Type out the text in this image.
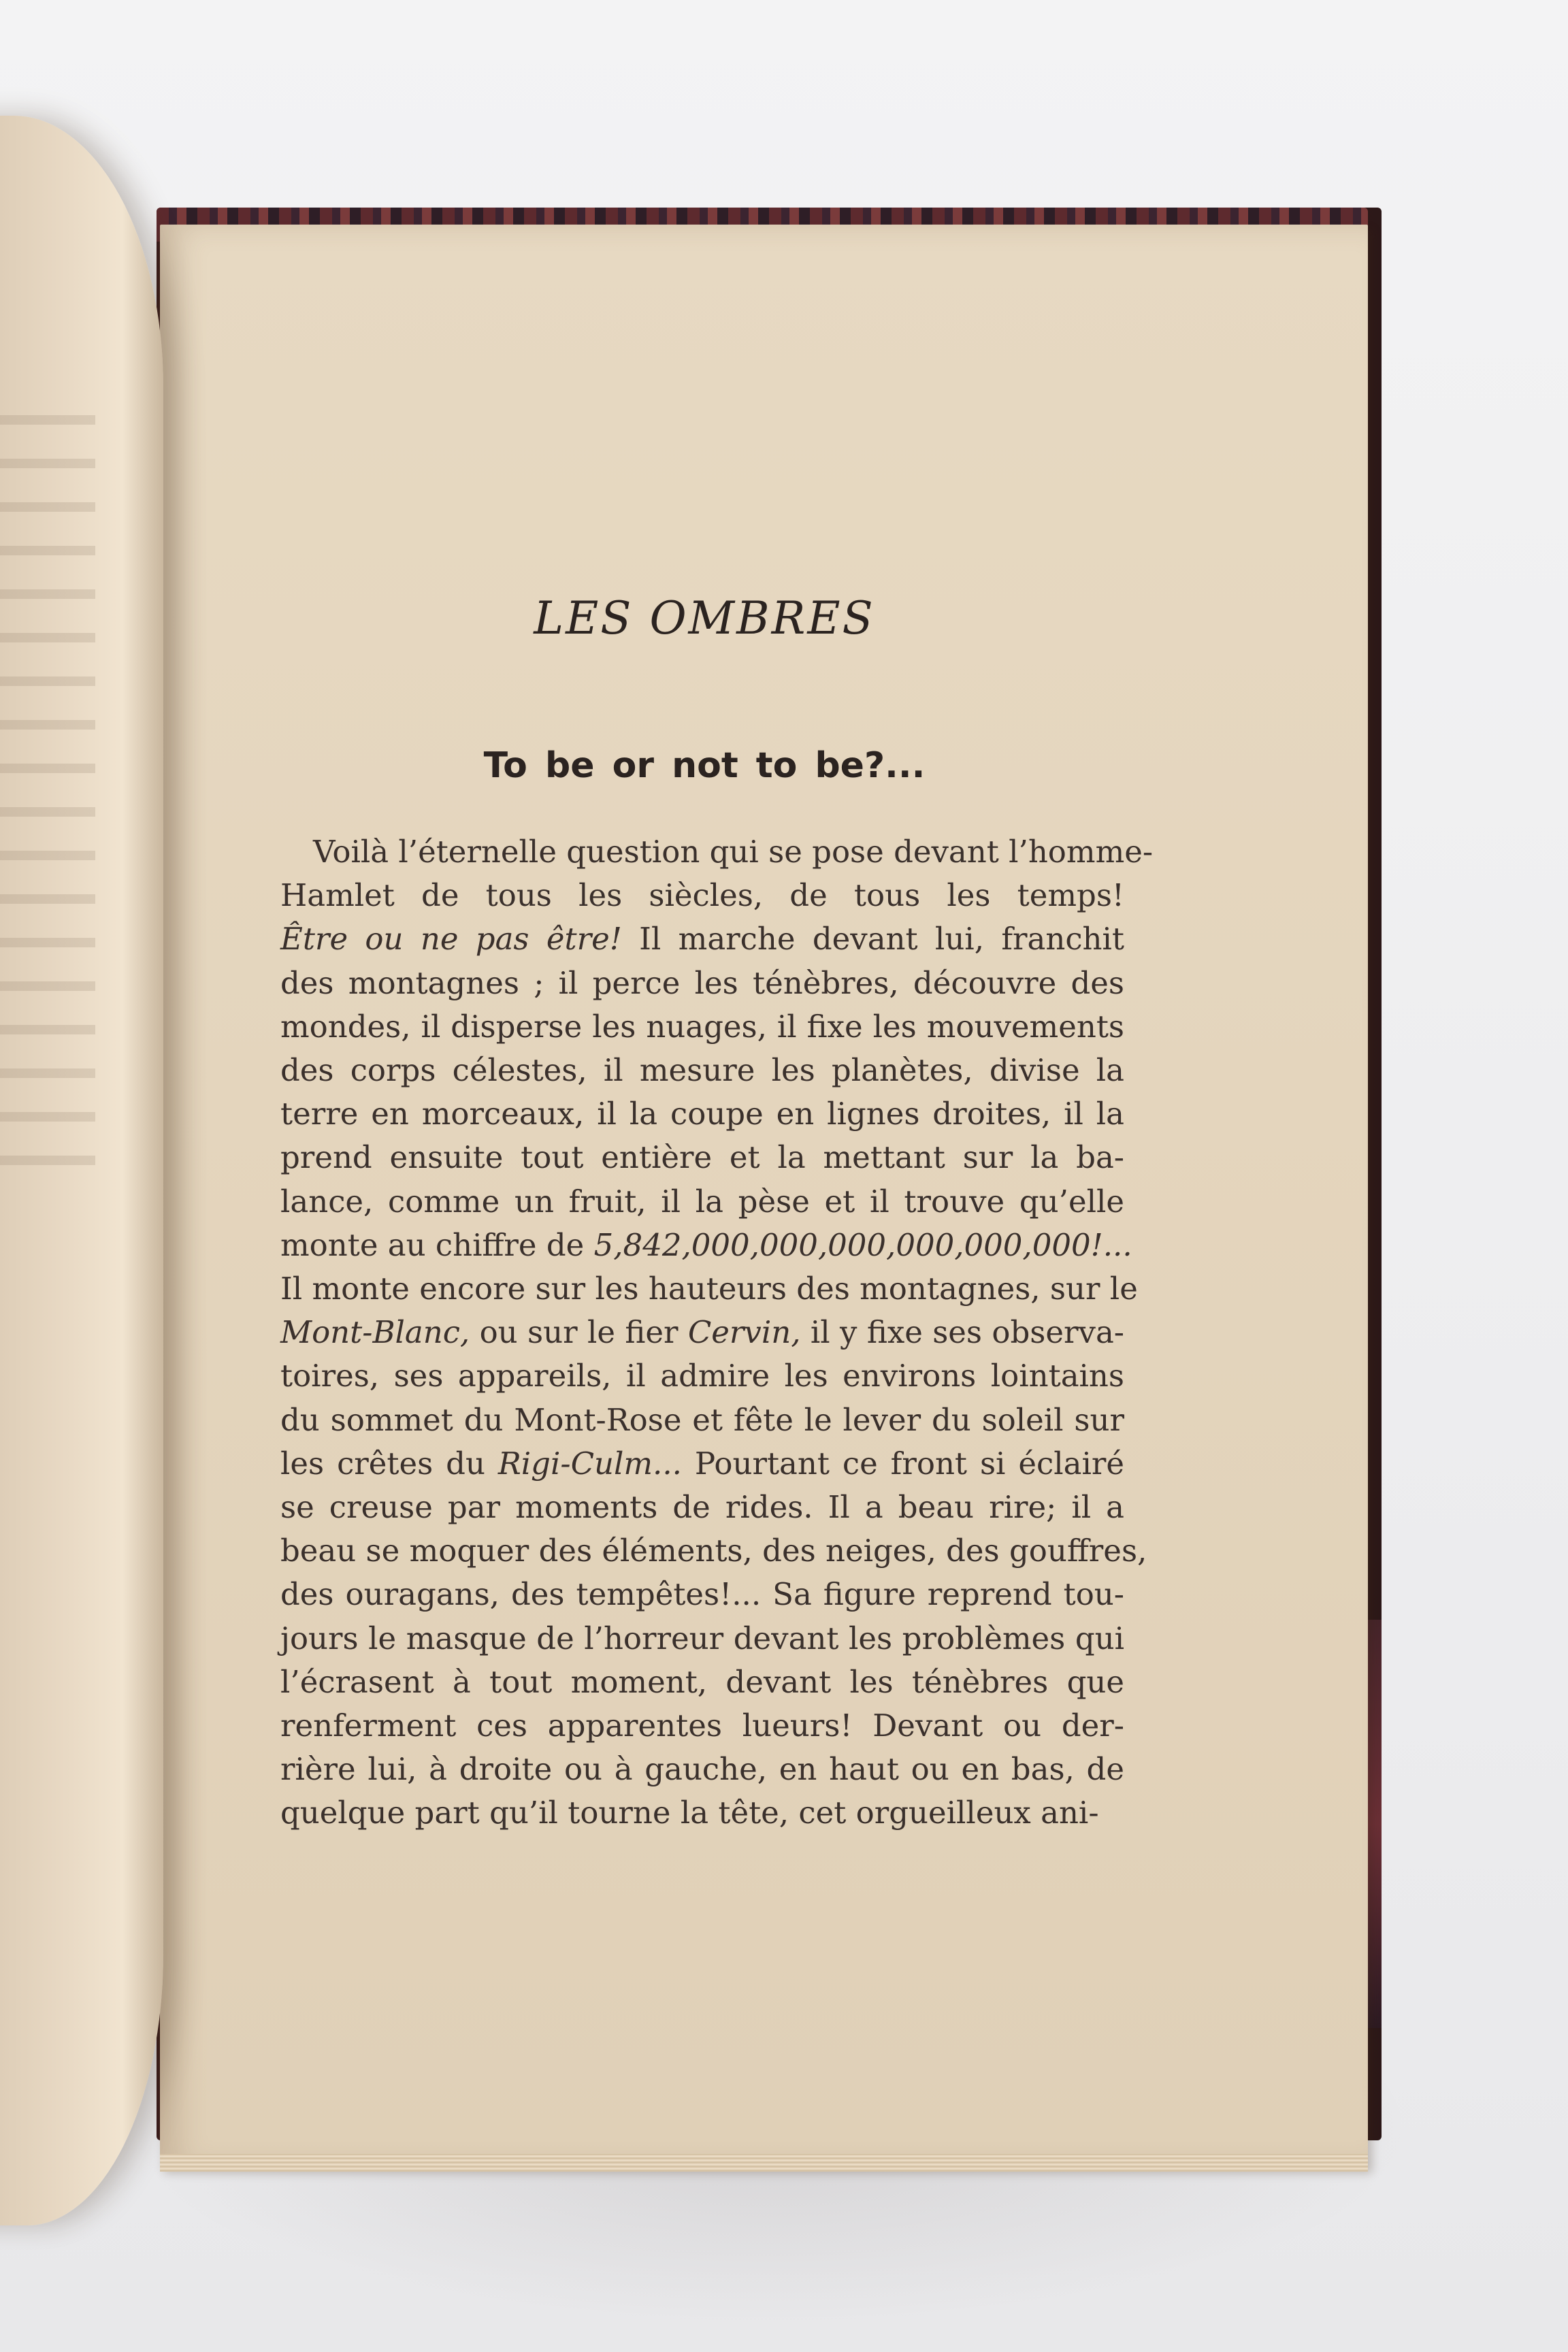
LES OMBRES
To be or not to be?...
Voilà l’éternelle question qui se pose devant l’homme-
Hamlet de tous les siècles, de tous les temps!
Être ou ne pas être! Il marche devant lui, franchit
des montagnes ; il perce les ténèbres, découvre des
mondes, il disperse les nuages, il fixe les mouvements
des corps célestes, il mesure les planètes, divise la
terre en morceaux, il la coupe en lignes droites, il la
prend ensuite tout entière et la mettant sur la ba-
lance, comme un fruit, il la pèse et il trouve qu’elle
monte au chiffre de 5,842,000,000,000,000,000,000!...
Il monte encore sur les hauteurs des montagnes, sur le
Mont-Blanc, ou sur le fier Cervin, il y fixe ses observa-
toires, ses appareils, il admire les environs lointains
du sommet du Mont-Rose et fête le lever du soleil sur
les crêtes du Rigi-Culm... Pourtant ce front si éclairé
se creuse par moments de rides. Il a beau rire; il a
beau se moquer des éléments, des neiges, des gouffres,
des ouragans, des tempêtes!... Sa figure reprend tou-
jours le masque de l’horreur devant les problèmes qui
l’écrasent à tout moment, devant les ténèbres que
renferment ces apparentes lueurs! Devant ou der-
rière lui, à droite ou à gauche, en haut ou en bas, de
quelque part qu’il tourne la tête, cet orgueilleux ani-
